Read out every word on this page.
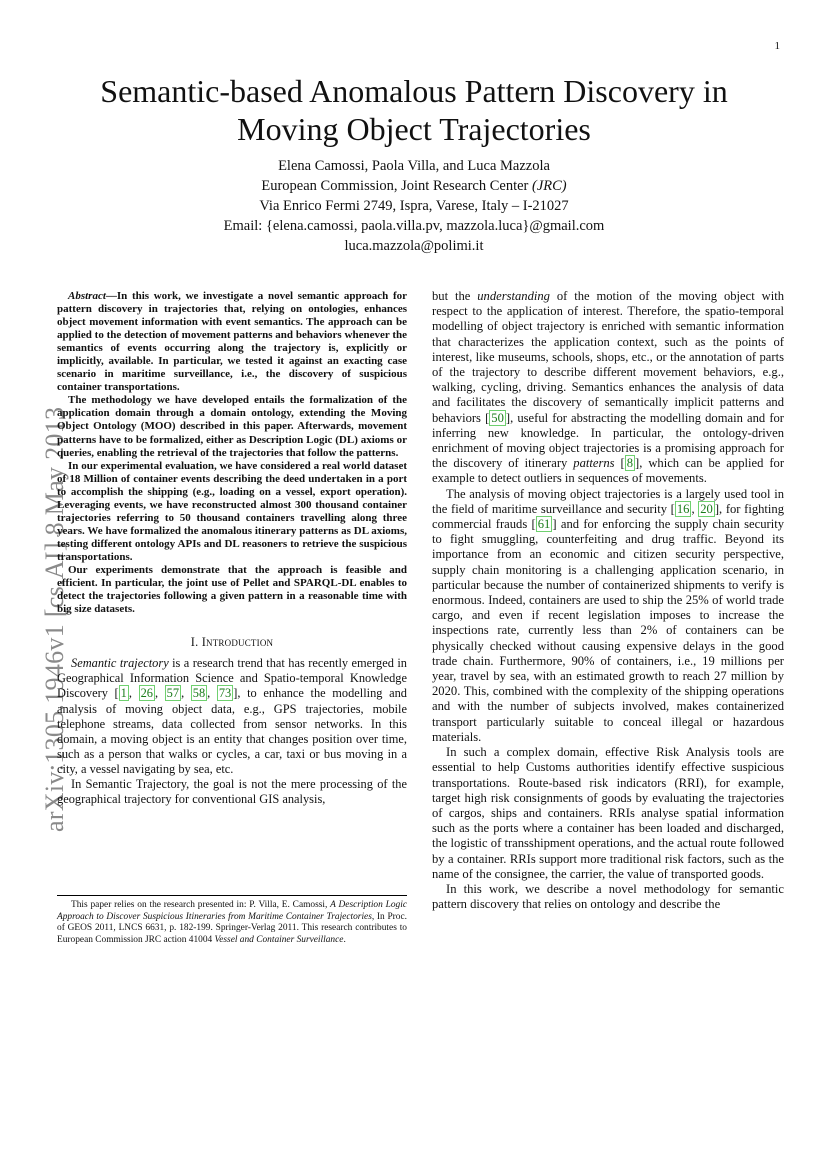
1
arXiv:1305.1946v1 [cs.AI] 8 May 2013
Semantic-based Anomalous Pattern Discovery in
Moving Object Trajectories
Elena Camossi, Paola Villa, and Luca Mazzola
European Commission, Joint Research Center (JRC)
Via Enrico Fermi 2749, Ispra, Varese, Italy – I-21027
Email: {elena.camossi, paola.villa.pv, mazzola.luca}@gmail.com
luca.mazzola@polimi.it

Abstract—In this work, we investigate a novel semantic approach for pattern discovery in trajectories that, relying on ontologies, enhances object movement information with event semantics. The approach can be applied to the detection of movement patterns and behaviors whenever the semantics of events occurring along the trajectory is, explicitly or implicitly, available. In particular, we tested it against an exacting case scenario in maritime surveillance, i.e., the discovery of suspicious container transportations.

The methodology we have developed entails the formalization of the application domain through a domain ontology, extending the Moving Object Ontology (MOO) described in this paper. Afterwards, movement patterns have to be formalized, either as Description Logic (DL) axioms or queries, enabling the retrieval of the trajectories that follow the patterns.

In our experimental evaluation, we have considered a real world dataset of 18 Million of container events describing the deed undertaken in a port to accomplish the shipping (e.g., loading on a vessel, export operation). Leveraging events, we have reconstructed almost 300 thousand container trajectories referring to 50 thousand containers travelling along three years. We have formalized the anomalous itinerary patterns as DL axioms, testing different ontology APIs and DL reasoners to retrieve the suspicious transportations.

Our experiments demonstrate that the approach is feasible and efficient. In particular, the joint use of Pellet and SPARQL-DL enables to detect the trajectories following a given pattern in a reasonable time with big size datasets.

I. Introduction

Semantic trajectory is a research trend that has recently emerged in Geographical Information Science and Spatio-temporal Knowledge Discovery [ 1 , 26 , 57 , 58 , 73 ], to enhance the modelling and analysis of moving object data, e.g., GPS trajectories, mobile telephone streams, data collected from sensor networks. In this domain, a moving object is an entity that changes position over time, such as a person that walks or cycles, a car, taxi or bus moving in a city, a vessel navigating by sea, etc.

In Semantic Trajectory, the goal is not the mere processing of the geographical trajectory for conventional GIS analysis,

This paper relies on the research presented in: P. Villa, E. Camossi, A Description Logic Approach to Discover Suspicious Itineraries from Maritime Container Trajectories, In Proc. of GEOS 2011, LNCS 6631, p. 182-199. Springer-Verlag 2011. This research contributes to European Commission JRC action 41004 Vessel and Container Surveillance.

but the understanding of the motion of the moving object with respect to the application of interest. Therefore, the spatio-temporal modelling of object trajectory is enriched with semantic information that characterizes the application context, such as the points of interest, like museums, schools, shops, etc., or the annotation of parts of the trajectory to describe different movement behaviors, e.g., walking, cycling, driving. Semantics enhances the analysis of data and facilitates the discovery of semantically implicit patterns and behaviors [ 50 ], useful for abstracting the modelling domain and for inferring new knowledge. In particular, the ontology-driven enrichment of moving object trajectories is a promising approach for the discovery of itinerary patterns [ 8 ], which can be applied for example to detect outliers in sequences of movements.

The analysis of moving object trajectories is a largely used tool in the field of maritime surveillance and security [ 16 , 20 ], for fighting commercial frauds [ 61 ] and for enforcing the supply chain security to fight smuggling, counterfeiting and drug traffic. Beyond its importance from an economic and citizen security perspective, supply chain monitoring is a challenging application scenario, in particular because the number of containerized shipments to verify is enormous. Indeed, containers are used to ship the 25% of world trade cargo, and even if recent legislation imposes to increase the inspections rate, currently less than 2% of containers can be physically checked without causing expensive delays in the good trade chain. Furthermore, 90% of containers, i.e., 19 millions per year, travel by sea, with an estimated growth to reach 27 million by 2020. This, combined with the complexity of the shipping operations and with the number of subjects involved, makes containerized transport particularly suitable to conceal illegal or hazardous materials.

In such a complex domain, effective Risk Analysis tools are essential to help Customs authorities identify effective suspicious transportations. Route-based risk indicators (RRI), for example, target high risk consignments of goods by evaluating the trajectories of cargos, ships and containers. RRIs analyse spatial information such as the ports where a container has been loaded and discharged, the logistic of transshipment operations, and the actual route followed by a container. RRIs support more traditional risk factors, such as the name of the consignee, the carrier, the value of transported goods.

In this work, we describe a novel methodology for semantic pattern discovery that relies on ontology and describe the
